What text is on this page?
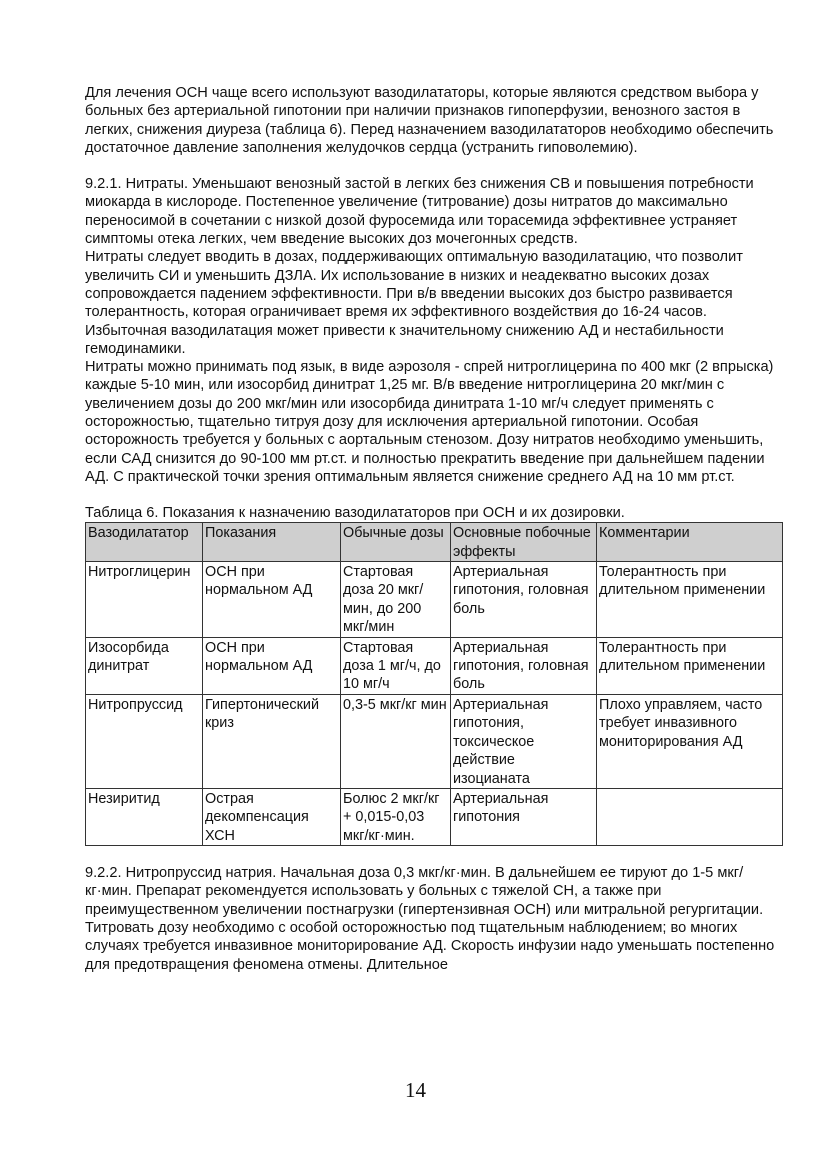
Для лечения ОСН чаще всего используют вазодилататоры, которые являются средством выбора у больных без артериальной гипотонии при наличии признаков гипоперфузии, венозного застоя в легких, снижения диуреза (таблица 6). Перед назначением вазодилататоров необходимо обеспечить достаточное давление заполнения желудочков сердца (устранить гиповолемию).

9.2.1. Нитраты. Уменьшают венозный застой в легких без снижения СВ и повышения потребности миокарда в кислороде. Постепенное увеличение (титрование) дозы нитратов до максимально переносимой в сочетании с низкой дозой фуросемида или торасемида эффективнее устраняет симптомы отека легких, чем введение высоких доз мочегонных средств.

Нитраты следует вводить в дозах, поддерживающих оптимальную вазодилатацию, что позволит увеличить СИ и уменьшить ДЗЛА. Их использование в низких и неадекватно высоких дозах сопровождается падением эффективности. При в/в введении высоких доз быстро развивается толерантность, которая ограничивает время их эффективного воздействия до 16-24 часов. Избыточная вазодилатация может привести к значительному снижению АД и нестабильности гемодинамики.

Нитраты можно принимать под язык, в виде аэрозоля - спрей нитроглицерина по 400 мкг (2 впрыска) каждые 5-10 мин, или изосорбид динитрат 1,25 мг. В/в введение нитроглицерина 20 мкг/мин с увеличением дозы до 200 мкг/мин или изосорбида динитрата 1-10 мг/ч следует применять с осторожностью, тщательно титруя дозу для исключения артериальной гипотонии. Особая осторожность требуется у больных с аортальным стенозом. Дозу нитратов необходимо уменьшить, если САД снизится до 90-100 мм рт.ст. и полностью прекратить введение при дальнейшем падении АД. С практической точки зрения оптимальным является снижение среднего АД на 10 мм рт.ст.

Таблица 6. Показания к назначению вазодилататоров при ОСН и их дозировки.

Вазодилататор	Показания	Обычные дозы	Основные побочные эффекты	Комментарии
Нитроглицерин	ОСН при нормальном АД	Стартовая доза 20 мкг/мин, до 200 мкг/мин	Артериальная гипотония, головная боль	Толерантность при длительном применении
Изосорбида динитрат	ОСН при нормальном АД	Стартовая доза 1 мг/ч, до 10 мг/ч	Артериальная гипотония, головная боль	Толерантность при длительном применении
Нитропруссид	Гипертонический криз	0,3-5 мкг/кг мин	Артериальная гипотония, токсическое действие изоцианата	Плохо управляем, часто требует инвазивного мониторирования АД
Незиритид	Острая декомпенсация ХСН	Болюс 2 мкг/кг + 0,015-0,03 мкг/кг·мин.	Артериальная гипотония	

9.2.2. Нитропруссид натрия. Начальная доза 0,3 мкг/кг·мин. В дальнейшем ее тируют до 1-5 мкг/кг·мин. Препарат рекомендуется использовать у больных с тяжелой СН, а также при преимущественном увеличении постнагрузки (гипертензивная ОСН) или митральной регургитации. Титровать дозу необходимо с особой осторожностью под тщательным наблюдением; во многих случаях требуется инвазивное мониторирование АД. Скорость инфузии надо уменьшать постепенно для предотвращения феномена отмены. Длительное

14
